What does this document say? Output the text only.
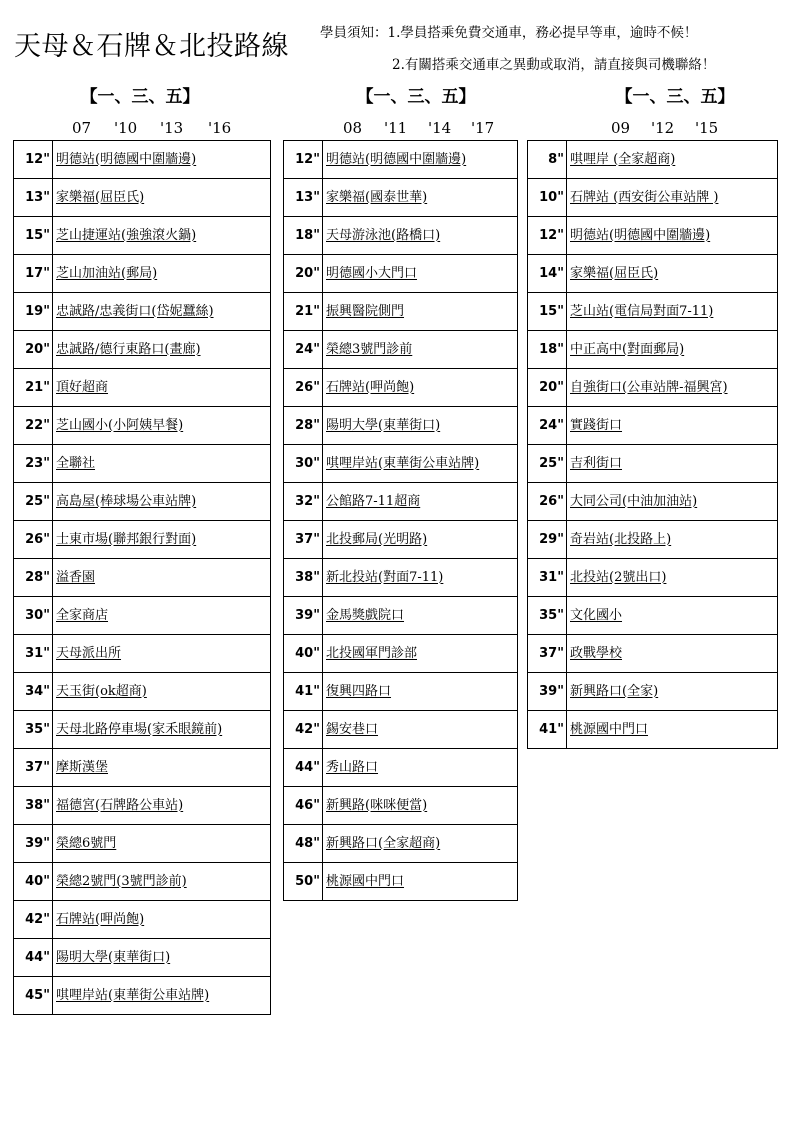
天母＆石牌＆北投路線 學員須知：1.學員搭乘免費交通車，務必提早等車，逾時不候！
2.有關搭乘交通車之異動或取消，請直接與司機聯絡！
【一、三、五】	【一、三、五】	【一、三、五】
07 '10 '13 '16	08 '11 '14 '17	09 '12 '15
12"	明德站(明德國中圍牆邊)
13"	家樂福(屈臣氏)
15"	芝山捷運站(強強滾火鍋)
17"	芝山加油站(郵局)
19"	忠誠路/忠義街口(岱妮蠶絲)
20"	忠誠路/德行東路口(畫廊)
21"	頂好超商
22"	芝山國小(小阿姨早餐)
23"	全聯社
25"	高島屋(棒球場公車站牌)
26"	士東市場(聯邦銀行對面)
28"	溢香園
30"	全家商店
31"	天母派出所
34"	天玉街(ok超商)
35"	天母北路停車場(家禾眼鏡前)
37"	摩斯漢堡
38"	福德宮(石牌路公車站)
39"	榮總6號門
40"	榮總2號門(3號門診前)
42"	石牌站(呷尚飽)
44"	陽明大學(東華街口)
45"	唭哩岸站(東華街公車站牌)
12"	明德站(明德國中圍牆邊)
13"	家樂福(國泰世華)
18"	天母游泳池(路橋口)
20"	明德國小大門口
21"	振興醫院側門
24"	榮總3號門診前
26"	石牌站(呷尚飽)
28"	陽明大學(東華街口)
30"	唭哩岸站(東華街公車站牌)
32"	公館路7-11超商
37"	北投郵局(光明路)
38"	新北投站(對面7-11)
39"	金馬獎戲院口
40"	北投國軍門診部
41"	復興四路口
42"	錫安巷口
44"	秀山路口
46"	新興路(咪咪便當)
48"	新興路口(全家超商)
50"	桃源國中門口
8"	唭哩岸 (全家超商)
10"	石牌站 (西安街公車站牌 )
12"	明德站(明德國中圍牆邊)
14"	家樂福(屈臣氏)
15"	芝山站(電信局對面7-11)
18"	中正高中(對面郵局)
20"	自強街口(公車站牌-福興宮)
24"	實踐街口
25"	吉利街口
26"	大同公司(中油加油站)
29"	奇岩站(北投路上)
31"	北投站(2號出口)
35"	文化國小
37"	政戰學校
39"	新興路口(全家)
41"	桃源國中門口
